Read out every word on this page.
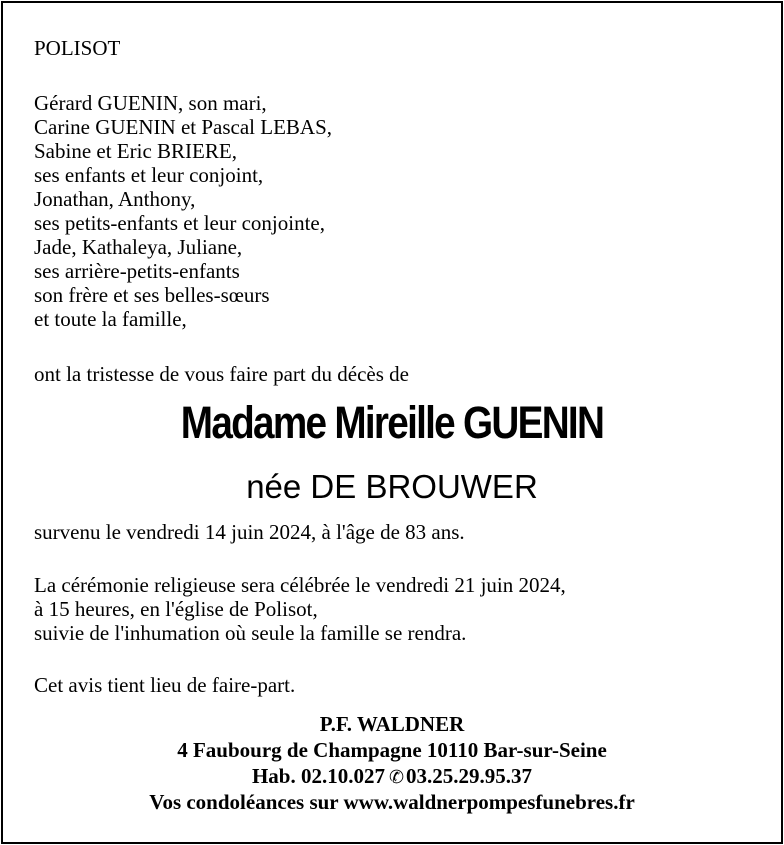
POLISOT
Gérard GUENIN, son mari,
Carine GUENIN et Pascal LEBAS,
Sabine et Eric BRIERE,
ses enfants et leur conjoint,
Jonathan, Anthony,
ses petits-enfants et leur conjointe,
Jade, Kathaleya, Juliane,
ses arrière-petits-enfants
son frère et ses belles-sœurs
et toute la famille,
ont la tristesse de vous faire part du décès de
Madame Mireille GUENIN
née DE BROUWER
survenu le vendredi 14 juin 2024, à l'âge de 83 ans.
La cérémonie religieuse sera célébrée le vendredi 21 juin 2024,
à 15 heures, en l'église de Polisot,
suivie de l'inhumation où seule la famille se rendra.
Cet avis tient lieu de faire-part.
P.F. WALDNER
4 Faubourg de Champagne 10110 Bar-sur-Seine
Hab. 02.10.027 ✆03.25.29.95.37
Vos condoléances sur www.waldnerpompesfunebres.fr
